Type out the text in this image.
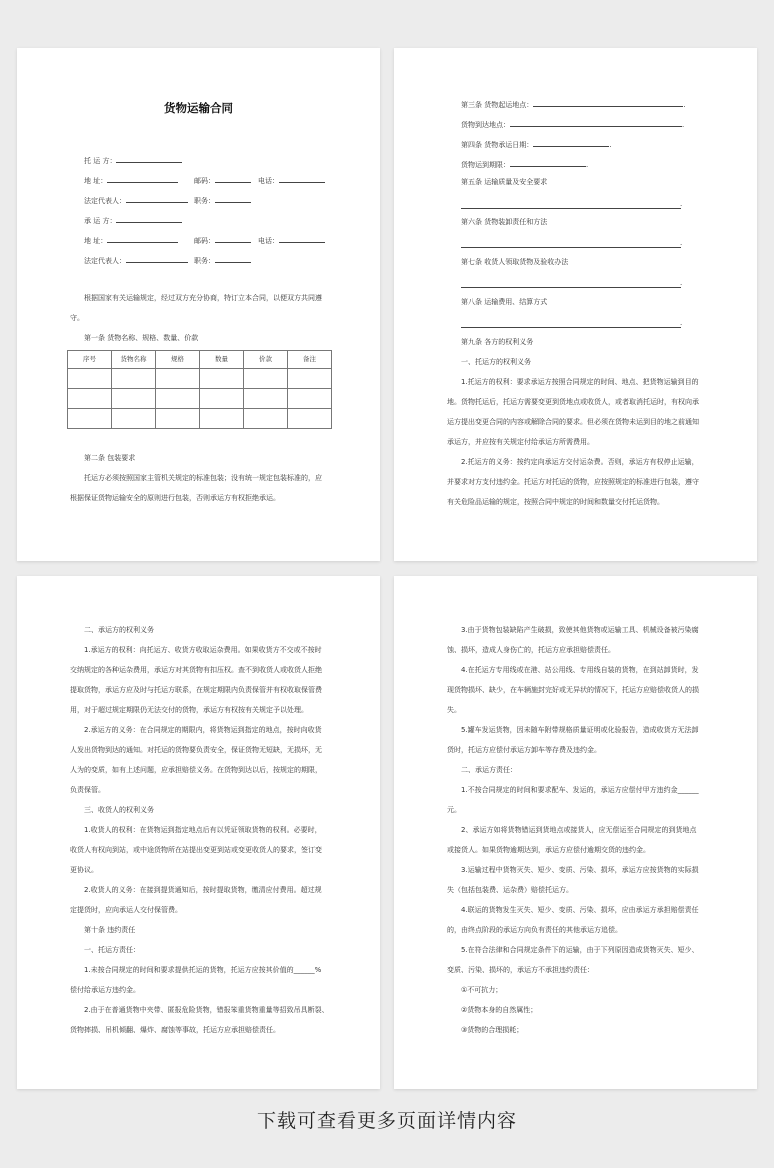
货物运输合同
托 运 方：
地 址：	邮码：	电话：
法定代表人：	职务：
承 运 方：
地 址：	邮码：	电话：
法定代表人：	职务：
根据国家有关运输规定，经过双方充分协商，特订立本合同，以便双方共同遵
守。
第一条 货物名称、规格、数量、价款
序号	货物名称	规格	数量	价款	备注

第二条 包装要求
托运方必须按照国家主管机关规定的标准包装；没有统一规定包装标准的，应
根据保证货物运输安全的原则进行包装，否则承运方有权拒绝承运。
第三条 货物起运地点：	.
货物到达地点：	.
第四条 货物承运日期：	.
货物运到期限：	.
第五条 运输质量及安全要求
.
第六条 货物装卸责任和方法
.
第七条 收货人领取货物及验收办法
.
第八条 运输费用、结算方式
.
第九条 各方的权利义务
一、托运方的权利义务
1.托运方的权利：要求承运方按照合同规定的时间、地点、把货物运输到目的
地。货物托运后，托运方需要变更到货地点或收货人，或者取消托运时，有权向承
运方提出变更合同的内容或解除合同的要求。但必须在货物未运到目的地之前通知
承运方，并应按有关规定付给承运方所需费用。
2.托运方的义务：按约定向承运方交付运杂费。否则，承运方有权停止运输，
并要求对方支付违约金。托运方对托运的货物，应按照规定的标准进行包装，遵守
有关危险品运输的规定，按照合同中规定的时间和数量交付托运货物。
二、承运方的权利义务
1.承运方的权利：向托运方、收货方收取运杂费用。如果收货方不交或不按时
交纳规定的各种运杂费用，承运方对其货物有扣压权。查不到收货人或收货人拒绝
提取货物，承运方应及时与托运方联系，在规定期限内负责保管并有权收取保管费
用，对于超过规定期限仍无法交付的货物，承运方有权按有关规定予以处理。
2.承运方的义务：在合同规定的期限内，将货物运到指定的地点，按时向收货
人发出货物到达的通知。对托运的货物要负责安全，保证货物无短缺，无损坏，无
人为的变质，如有上述问题，应承担赔偿义务。在货物到达以后，按规定的期限，
负责保管。
三、收货人的权利义务
1.收货人的权利：在货物运到指定地点后有以凭证领取货物的权利。必要时，
收货人有权向到站，或中途货物所在站提出变更到站或变更收货人的要求，签订变
更协议。
2.收货人的义务：在接到提货通知后，按时提取货物，缴清应付费用。超过规
定提货时，应向承运人交付保管费。
第十条 违约责任
一、托运方责任：
1.未按合同规定的时间和要求提供托运的货物，托运方应按其价值的______%
偿付给承运方违约金。
2.由于在普通货物中夹带、匿报危险货物，错报笨重货物重量等招致吊具断裂、
货物摔损、吊机倾翻、爆炸、腐蚀等事故，托运方应承担赔偿责任。
3.由于货物包装缺陷产生破损，致使其他货物或运输工具、机械设备被污染腐
蚀、损坏，造成人身伤亡的，托运方应承担赔偿责任。
4.在托运方专用线或在港、站公用线、专用线自装的货物，在到站卸货时，发
现货物损坏、缺少，在车辆施封完好或无异状的情况下，托运方应赔偿收货人的损
失。
5.罐车发运货物，因未随车附带规格质量证明或化验报告，造成收货方无法卸
货时，托运方应偿付承运方卸车等存费及违约金。
二、承运方责任：
1.不按合同规定的时间和要求配车、发运的，承运方应偿付甲方违约金______
元。
2、承运方如将货物错运到货地点或接货人，应无偿运至合同规定的到货地点
或接货人。如果货物逾期达到，承运方应偿付逾期交货的违约金。
3.运输过程中货物灭失、短少、变质、污染、损坏，承运方应按货物的实际损
失（包括包装费、运杂费）赔偿托运方。
4.联运的货物发生灭失、短少、变质、污染、损坏，应由承运方承担赔偿责任
的，由终点阶段的承运方向负有责任的其他承运方追偿。
5.在符合法律和合同规定条件下的运输，由于下列原因造成货物灭失、短少、
变质、污染、损坏的，承运方不承担违约责任：
①不可抗力；
②货物本身的自然属性；
③货物的合理损耗；
下载可查看更多页面详情内容
